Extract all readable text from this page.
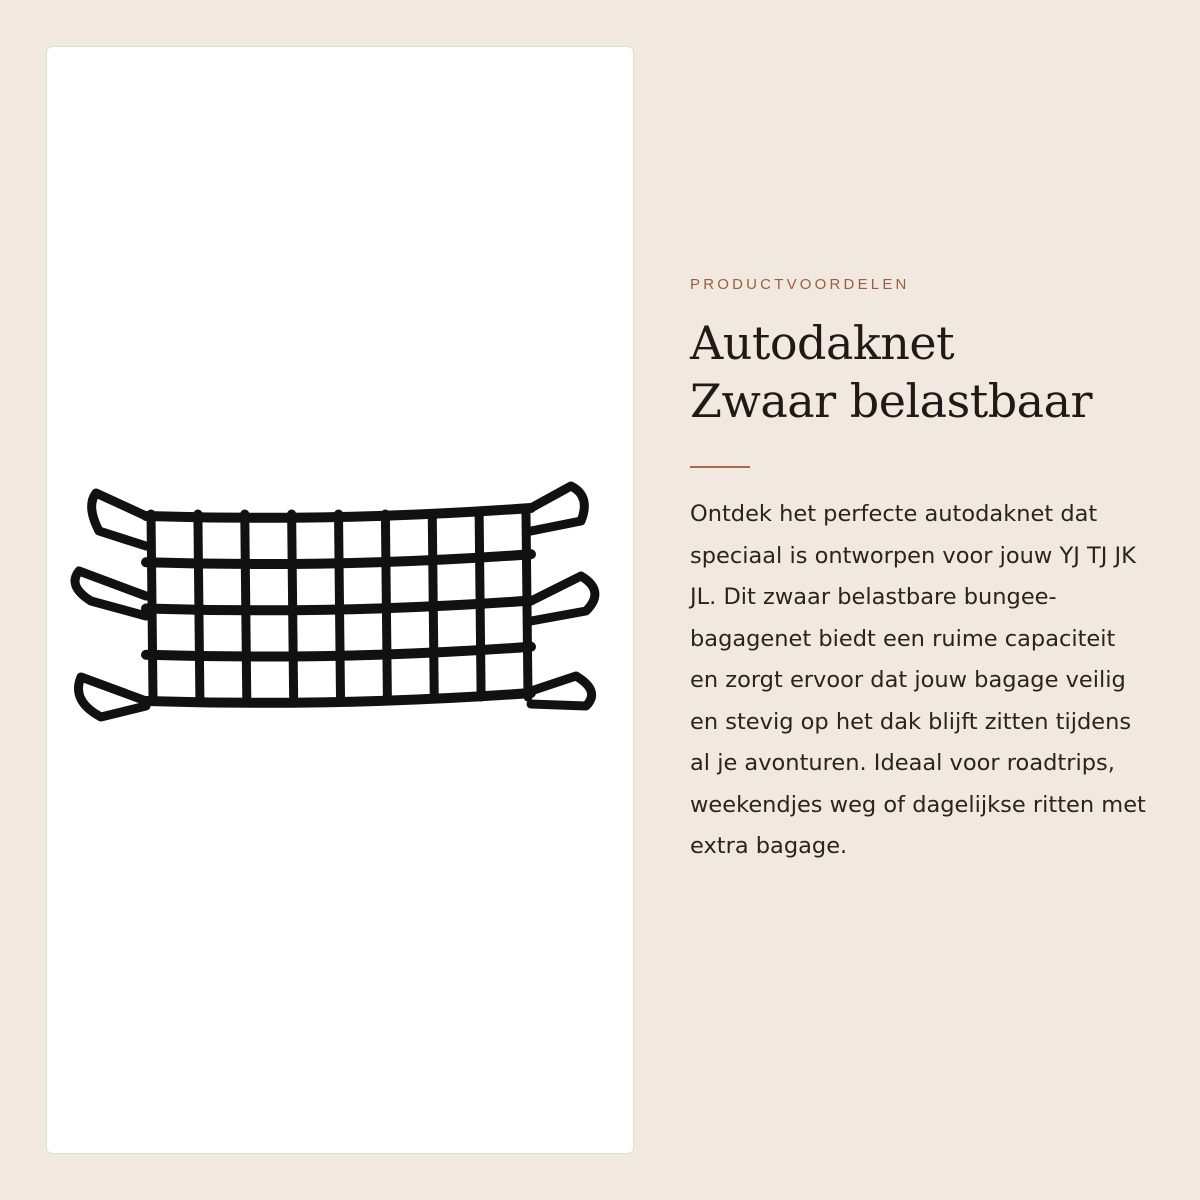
PRODUCTVOORDELEN

Autodaknet
Zwaar belastbaar

Ontdek het perfecte autodaknet dat speciaal is ontworpen voor jouw YJ TJ JK JL. Dit zwaar belastbare bungee-bagagenet biedt een ruime capaciteit en zorgt ervoor dat jouw bagage veilig en stevig op het dak blijft zitten tijdens al je avonturen. Ideaal voor roadtrips, weekendjes weg of dagelijkse ritten met extra bagage.
